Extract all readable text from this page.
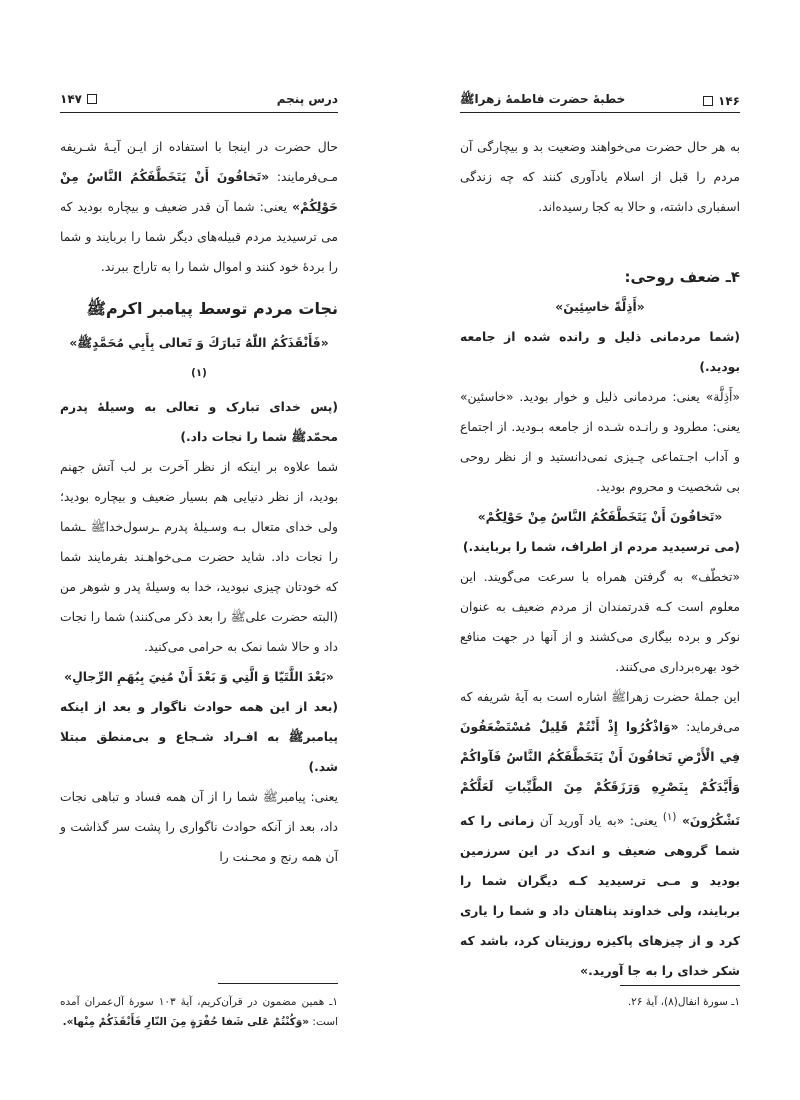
درس پنجم
۱۴۷

حال حضرت در اینجا با استفاده از ایـن آیـهٔ شـریفه مـی‌فرمایند: «تَخافُونَ أَنْ يَتَخَطَّفَكُمُ النَّاسُ مِنْ حَوْلِكُمْ» یعنی: شما آن قدر ضعیف و بیچاره بودید که می ترسیدید مردم قبیله‌های دیگر شما را بربایند و شما را بردهٔ خود کنند و اموال شما را به تاراج ببرند.

نجات مردم توسط پیامبر اکرمﷺ

«فَأَنْقَذَكُمُ اللّٰهُ تَبارَكَ وَ تَعالى بِأَبِي مُحَمَّدٍﷺ» $^{(۱)}$

(پس خدای تبارک و تعالی به وسیلهٔ پدرم محمّدﷺ شما را نجات داد.)

شما علاوه بر اینکه از نظر آخرت بر لب آتش جهنم بودید، از نظر دنیایی هم بسیار ضعیف و بیچاره بودید؛ ولی خدای متعال بـه وسـیلهٔ پدرم ـرسول‌خداﷺ ـشما را نجات داد. شاید حضرت مـی‌خواهـند بفرمایند شما که خودتان چیزی نبودید، خدا به وسیلهٔ پدر و شوهر من (البته حضرت علیﷺ را بعد ذکر می‌کنند) شما را نجات داد و حالا شما نمک به حرامی می‌کنید.

«بَعْدَ اللَّتَيّا وَ الَّتِي وَ بَعْدَ أَنْ مُنِيَ بِبُهَمِ الرِّجالِ»

(بعد از این همه حوادث ناگوار و بعد از اینکه پیامبرﷺ به افـراد شـجاع و بی‌منطق مبتلا شد.)

یعنی: پیامبرﷺ شما را از آن همه فساد و تباهی نجات داد، بعد از آنکه حوادث ناگواری را پشت سر گذاشت و آن همه رنج و محـنت را

۱ـ همین مضمون در قرآن‌کریم، آیهٔ ۱۰۳ سورهٔ آل‌عمران آمده است: «وَكُنْتُمْ عَلى شَفا حُفْرَةٍ مِنَ النّارِ فَأَنْقَذَكُمْ مِنْها».
۱۴۶
خطبهٔ حضرت فاطمهٔ زهراﷺ

به هر حال حضرت می‌خواهند وضعیت بد و بیچارگی آن مردم را قبل از اسلام یادآوری کنند که چه زندگی اسفباری داشته، و حالا به کجا رسیده‌اند.

۴ـ ضعف روحی:

«أَذِلَّةً خاسِئِينَ»

(شما مردمانی ذلیل و رانده شده از جامعه بودید.)

«أَذِلَّة» یعنی: مردمانی ذلیل و خوار بودید. «خاسئین» یعنی: مطرود و رانـده شـده از جامعه بـودید. از اجتماع و آداب اجـتماعی چـیزی نمی‌دانستید و از نظر روحی بی شخصیت و محروم بودید.

«تَخافُونَ أَنْ يَتَخَطَّفَكُمُ النَّاسُ مِنْ حَوْلِكُمْ»

(می ترسیدید مردم از اطراف، شما را بربایند.)

«تخطّف» به گرفتن همراه با سرعت می‌گویند. این معلوم است کـه قدرتمندان از مردم ضعیف به عنوان نوکر و برده بیگاری می‌کشند و از آنها در جهت منافع خود بهره‌برداری می‌کنند.

این جملهٔ حضرت زهراﷺ اشاره است به آیهٔ شریفه که می‌فرماید: «وَاذْكُرُوا إِذْ أَنْتُمْ قَلِيلٌ مُسْتَضْعَفُونَ فِي الْأَرْضِ تَخافُونَ أَنْ يَتَخَطَّفَكُمُ النَّاسُ فَآواكُمْ وَأَيَّدَكُمْ بِنَصْرِهِ وَرَزَقَكُمْ مِنَ الطَّيِّباتِ لَعَلَّكُمْ تَشْكُرُونَ» $^{(۱)}$ یعنی: «به یاد آورید آن زمانی را که شما گروهی ضعیف و اندک در این سرزمین بودید و مـی ترسیدید کـه دیگران شما را بربایند، ولی خداوند پناهتان داد و شما را یاری کرد و از چیزهای پاکیزه روزیتان کرد، باشد که شکر خدای را به جا آورید.»

۱ـ سورهٔ انفال(۸)، آیهٔ ۲۶.
